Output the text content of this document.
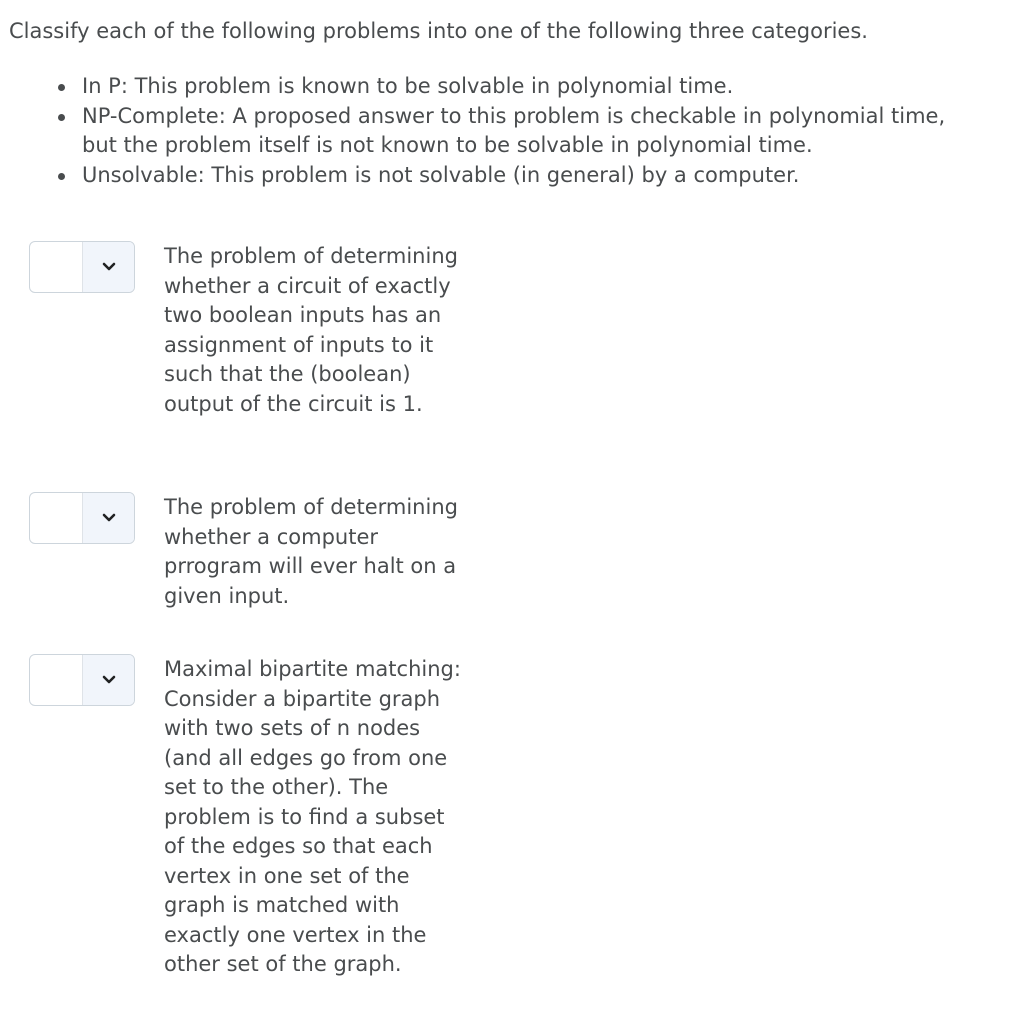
Classify each of the following problems into one of the following three categories.
In P: This problem is known to be solvable in polynomial time.
NP-Complete: A proposed answer to this problem is checkable in polynomial time, but the problem itself is not known to be solvable in polynomial time.
Unsolvable: This problem is not solvable (in general) by a computer.

The problem of determining whether a circuit of exactly two boolean inputs has an assignment of inputs to it such that the (boolean) output of the circuit is 1.

The problem of determining whether a computer prrogram will ever halt on a given input.

Maximal bipartite matching: Consider a bipartite graph with two sets of n nodes (and all edges go from one set to the other). The problem is to find a subset of the edges so that each vertex in one set of the graph is matched with exactly one vertex in the other set of the graph.
